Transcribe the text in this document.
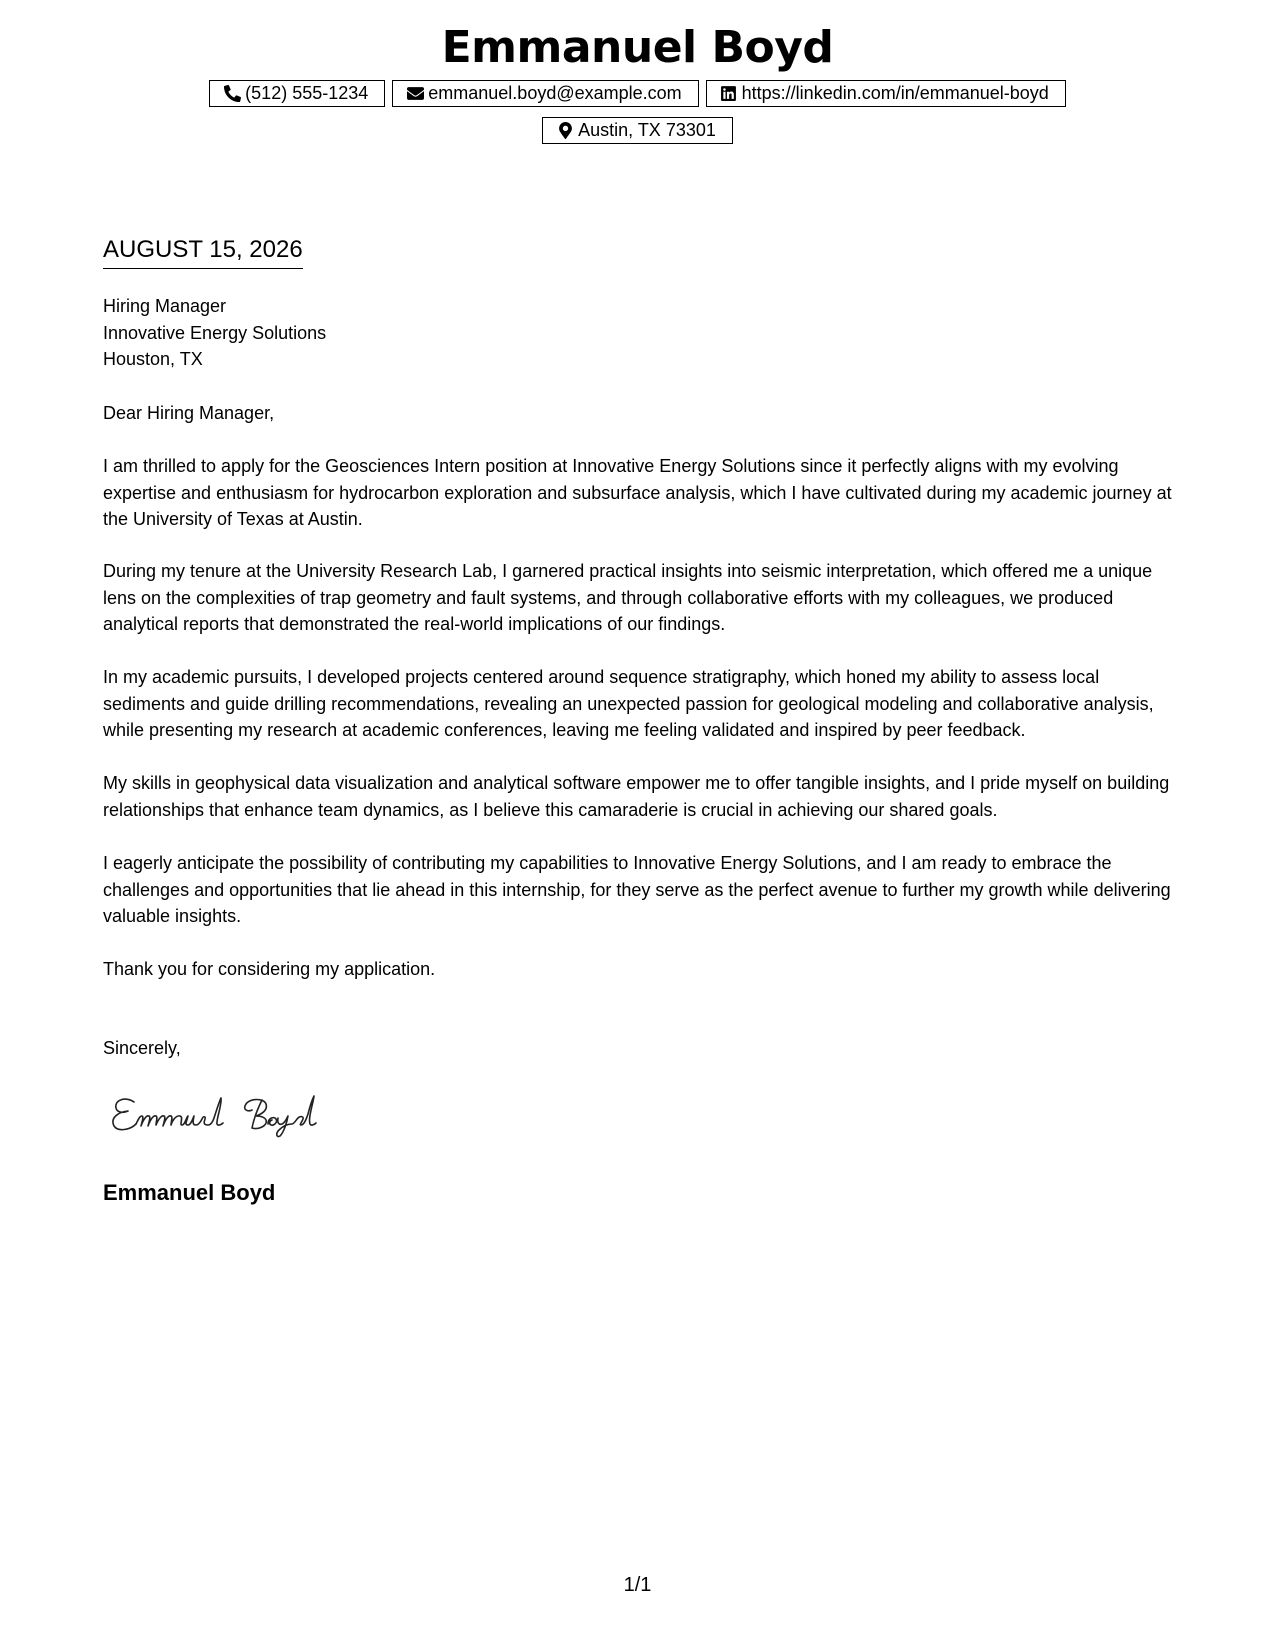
Emmanuel Boyd
(512) 555-1234	emmanuel.boyd@example.com	https://linkedin.com/in/emmanuel-boyd
Austin, TX 73301
AUGUST 15, 2026
Hiring Manager
Innovative Energy Solutions
Houston, TX
Dear Hiring Manager,

I am thrilled to apply for the Geosciences Intern position at Innovative Energy Solutions since it perfectly aligns with my evolving expertise and enthusiasm for hydrocarbon exploration and subsurface analysis, which I have cultivated during my academic journey at the University of Texas at Austin.

During my tenure at the University Research Lab, I garnered practical insights into seismic interpretation, which offered me a unique lens on the complexities of trap geometry and fault systems, and through collaborative efforts with my colleagues, we produced analytical reports that demonstrated the real-world implications of our findings.

In my academic pursuits, I developed projects centered around sequence stratigraphy, which honed my ability to assess local sediments and guide drilling recommendations, revealing an unexpected passion for geological modeling and collaborative analysis, while presenting my research at academic conferences, leaving me feeling validated and inspired by peer feedback.

My skills in geophysical data visualization and analytical software empower me to offer tangible insights, and I pride myself on building relationships that enhance team dynamics, as I believe this camaraderie is crucial in achieving our shared goals.

I eagerly anticipate the possibility of contributing my capabilities to Innovative Energy Solutions, and I am ready to embrace the challenges and opportunities that lie ahead in this internship, for they serve as the perfect avenue to further my growth while delivering valuable insights.

Thank you for considering my application.
Sincerely,
Emmanuel Boyd
1/1
